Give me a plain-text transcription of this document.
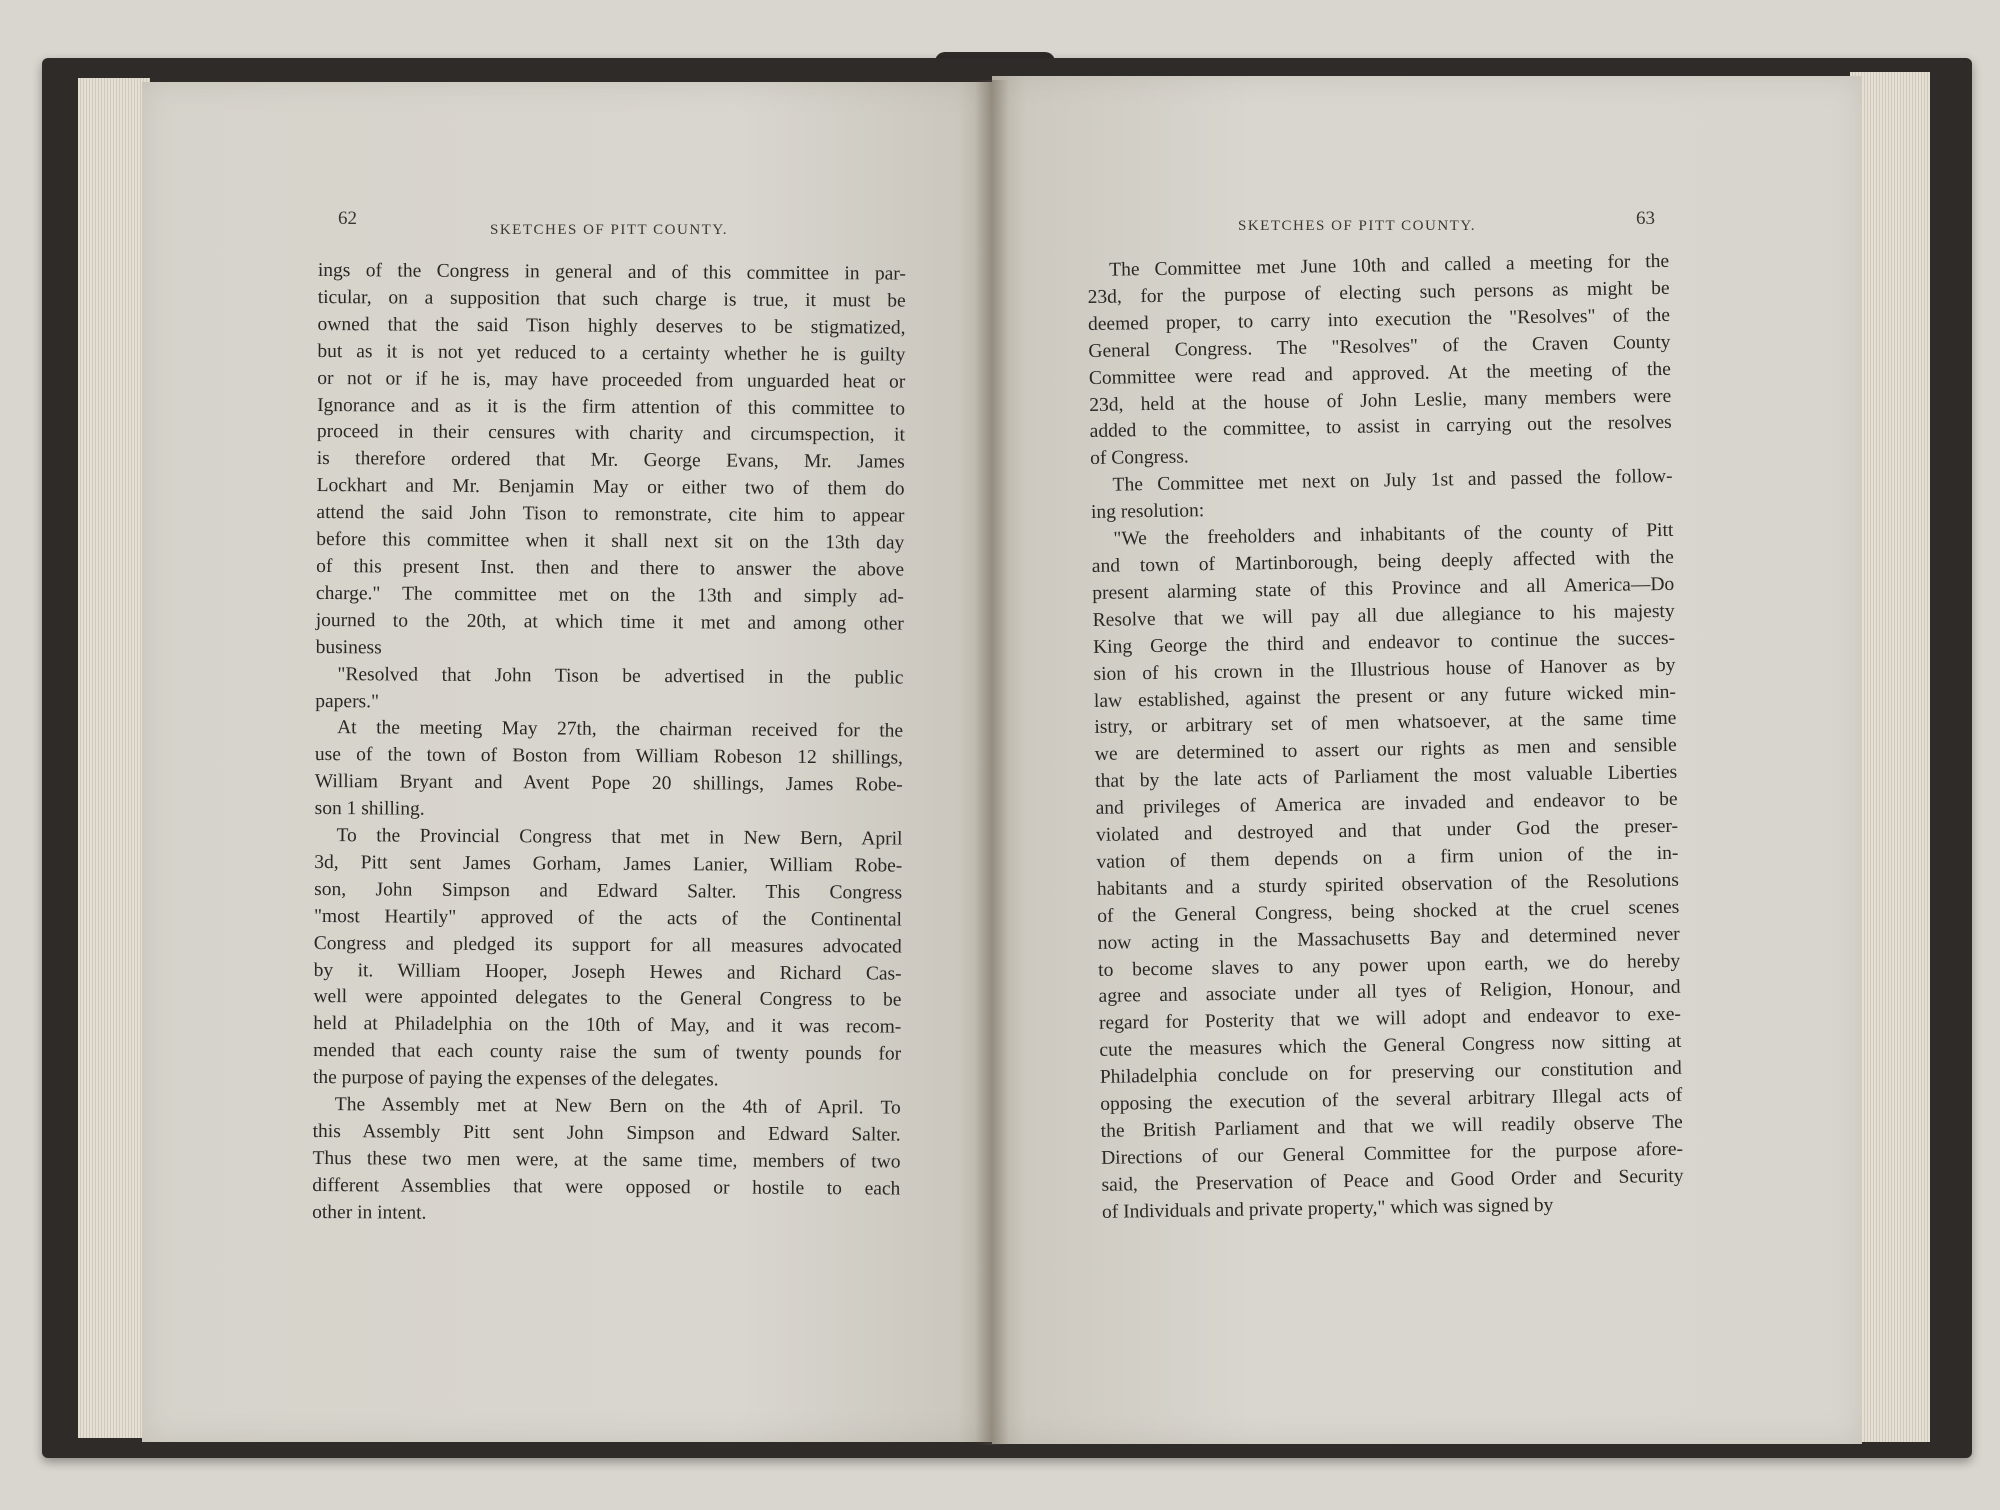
62
SKETCHES OF PITT COUNTY.	SKETCHES OF PITT COUNTY.	63
ings of the Congress in general and of this committee in par-
ticular, on a supposition that such charge is true, it must be
owned that the said Tison highly deserves to be stigmatized,
but as it is not yet reduced to a certainty whether he is guilty
or not or if he is, may have proceeded from unguarded heat or
Ignorance and as it is the firm attention of this committee to
proceed in their censures with charity and circumspection, it
is therefore ordered that Mr. George Evans, Mr. James
Lockhart and Mr. Benjamin May or either two of them do
attend the said John Tison to remonstrate, cite him to appear
before this committee when it shall next sit on the 13th day
of this present Inst. then and there to answer the above
charge." The committee met on the 13th and simply ad-
journed to the 20th, at which time it met and among other
business
"Resolved that John Tison be advertised in the public
papers."
At the meeting May 27th, the chairman received for the
use of the town of Boston from William Robeson 12 shillings,
William Bryant and Avent Pope 20 shillings, James Robe-
son 1 shilling.
To the Provincial Congress that met in New Bern, April
3d, Pitt sent James Gorham, James Lanier, William Robe-
son, John Simpson and Edward Salter. This Congress
"most Heartily" approved of the acts of the Continental
Congress and pledged its support for all measures advocated
by it. William Hooper, Joseph Hewes and Richard Cas-
well were appointed delegates to the General Congress to be
held at Philadelphia on the 10th of May, and it was recom-
mended that each county raise the sum of twenty pounds for
the purpose of paying the expenses of the delegates.
The Assembly met at New Bern on the 4th of April. To
this Assembly Pitt sent John Simpson and Edward Salter.
Thus these two men were, at the same time, members of two
different Assemblies that were opposed or hostile to each
other in intent.
The Committee met June 10th and called a meeting for the
23d, for the purpose of electing such persons as might be
deemed proper, to carry into execution the "Resolves" of the
General Congress. The "Resolves" of the Craven County
Committee were read and approved. At the meeting of the
23d, held at the house of John Leslie, many members were
added to the committee, to assist in carrying out the resolves
of Congress.
The Committee met next on July 1st and passed the follow-
ing resolution:
"We the freeholders and inhabitants of the county of Pitt
and town of Martinborough, being deeply affected with the
present alarming state of this Province and all America—Do
Resolve that we will pay all due allegiance to his majesty
King George the third and endeavor to continue the succes-
sion of his crown in the Illustrious house of Hanover as by
law established, against the present or any future wicked min-
istry, or arbitrary set of men whatsoever, at the same time
we are determined to assert our rights as men and sensible
that by the late acts of Parliament the most valuable Liberties
and privileges of America are invaded and endeavor to be
violated and destroyed and that under God the preser-
vation of them depends on a firm union of the in-
habitants and a sturdy spirited observation of the Resolutions
of the General Congress, being shocked at the cruel scenes
now acting in the Massachusetts Bay and determined never
to become slaves to any power upon earth, we do hereby
agree and associate under all tyes of Religion, Honour, and
regard for Posterity that we will adopt and endeavor to exe-
cute the measures which the General Congress now sitting at
Philadelphia conclude on for preserving our constitution and
opposing the execution of the several arbitrary Illegal acts of
the British Parliament and that we will readily observe The
Directions of our General Committee for the purpose afore-
said, the Preservation of Peace and Good Order and Security
of Individuals and private property," which was signed by
